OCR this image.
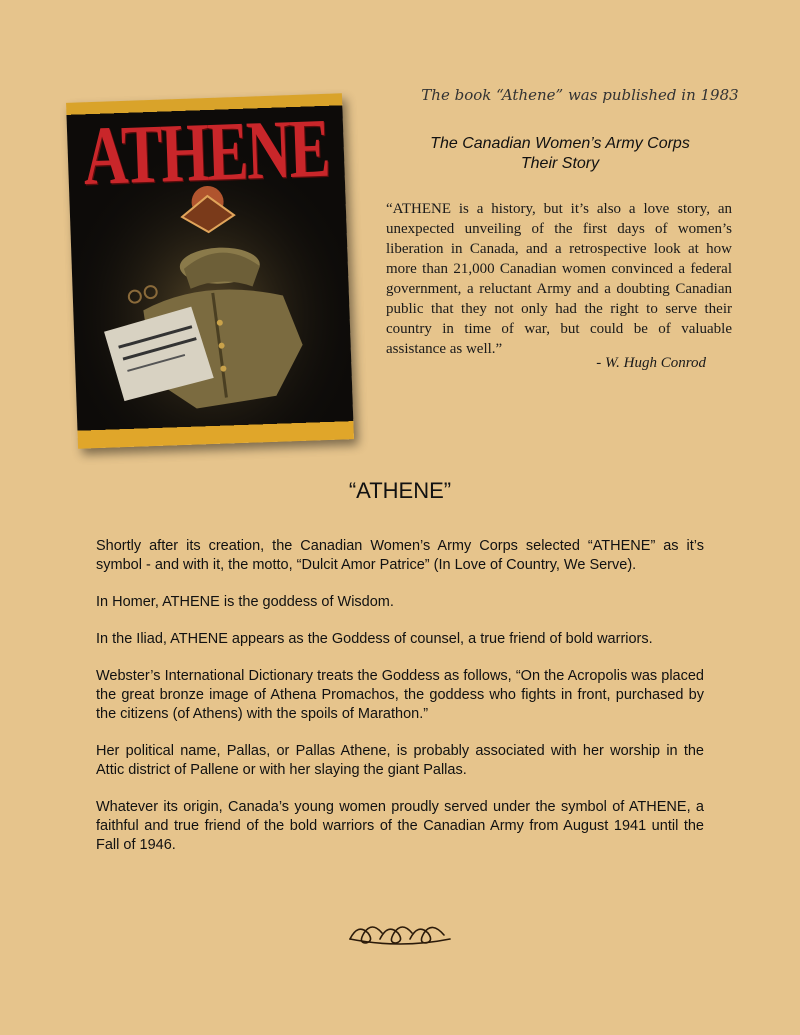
ATHENE
The book “Athene” was published in 1983
The Canadian Women’s Army Corps
Their Story
“ATHENE is a history, but it’s also a love story, an unexpected unveiling of the first days of women’s liberation in Canada, and a retrospective look at how more than 21,000 Canadian women convinced a federal government, a reluctant Army and a doubting Canadian public that they not only had the right to serve their country in time of war, but could be of valuable assistance as well.”
- W. Hugh Conrod
“ATHENE”

Shortly after its creation, the Canadian Women’s Army Corps selected “ATHENE” as it’s symbol - and with it, the motto, “Dulcit Amor Patrice” (In Love of Country, We Serve).

In Homer, ATHENE is the goddess of Wisdom.

In the Iliad, ATHENE appears as the Goddess of counsel, a true friend of bold warriors.

Webster’s International Dictionary treats the Goddess as follows, “On the Acropolis was placed the great bronze image of Athena Promachos, the goddess who fights in front, purchased by the citizens (of Athens) with the spoils of Marathon.”

Her political name, Pallas, or Pallas Athene, is probably associated with her worship in the Attic district of Pallene or with her slaying the giant Pallas.

Whatever its origin, Canada’s young women proudly served under the symbol of ATHENE, a faithful and true friend of the bold warriors of the Canadian Army from August 1941 until the Fall of 1946.
